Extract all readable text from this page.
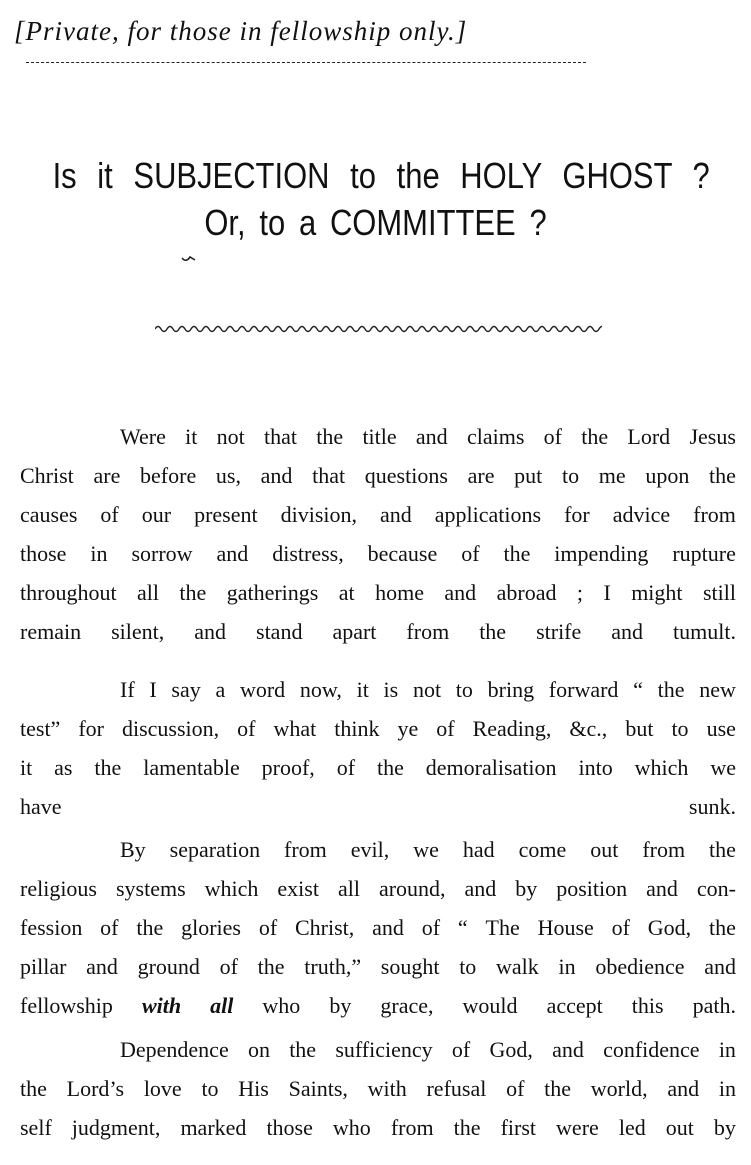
[Private, for those in fellowship only.]
Is it SUBJECTION to the HOLY GHOST ?
Or, to a COMMITTEE ?
Were it not that the title and claims of the Lord Jesus
Christ are before us, and that questions are put to me upon the
causes of our present division, and applications for advice from
those in sorrow and distress, because of the impending rupture
throughout all the gatherings at home and abroad ; I might still
remain silent, and stand apart from the strife and tumult.
If I say a word now, it is not to bring forward “ the new
test” for discussion, of what think ye of Reading, &c., but to use
it as the lamentable proof, of the demoralisation into which we
have sunk.
By separation from evil, we had come out from the
religious systems which exist all around, and by position and con-
fession of the glories of Christ, and of “ The House of God, the
pillar and ground of the truth,” sought to walk in obedience and
fellowship with all who by grace, would accept this path.
Dependence on the sufficiency of God, and confidence in
the Lord’s love to His Saints, with refusal of the world, and in
self judgment, marked those who from the first were led out by
